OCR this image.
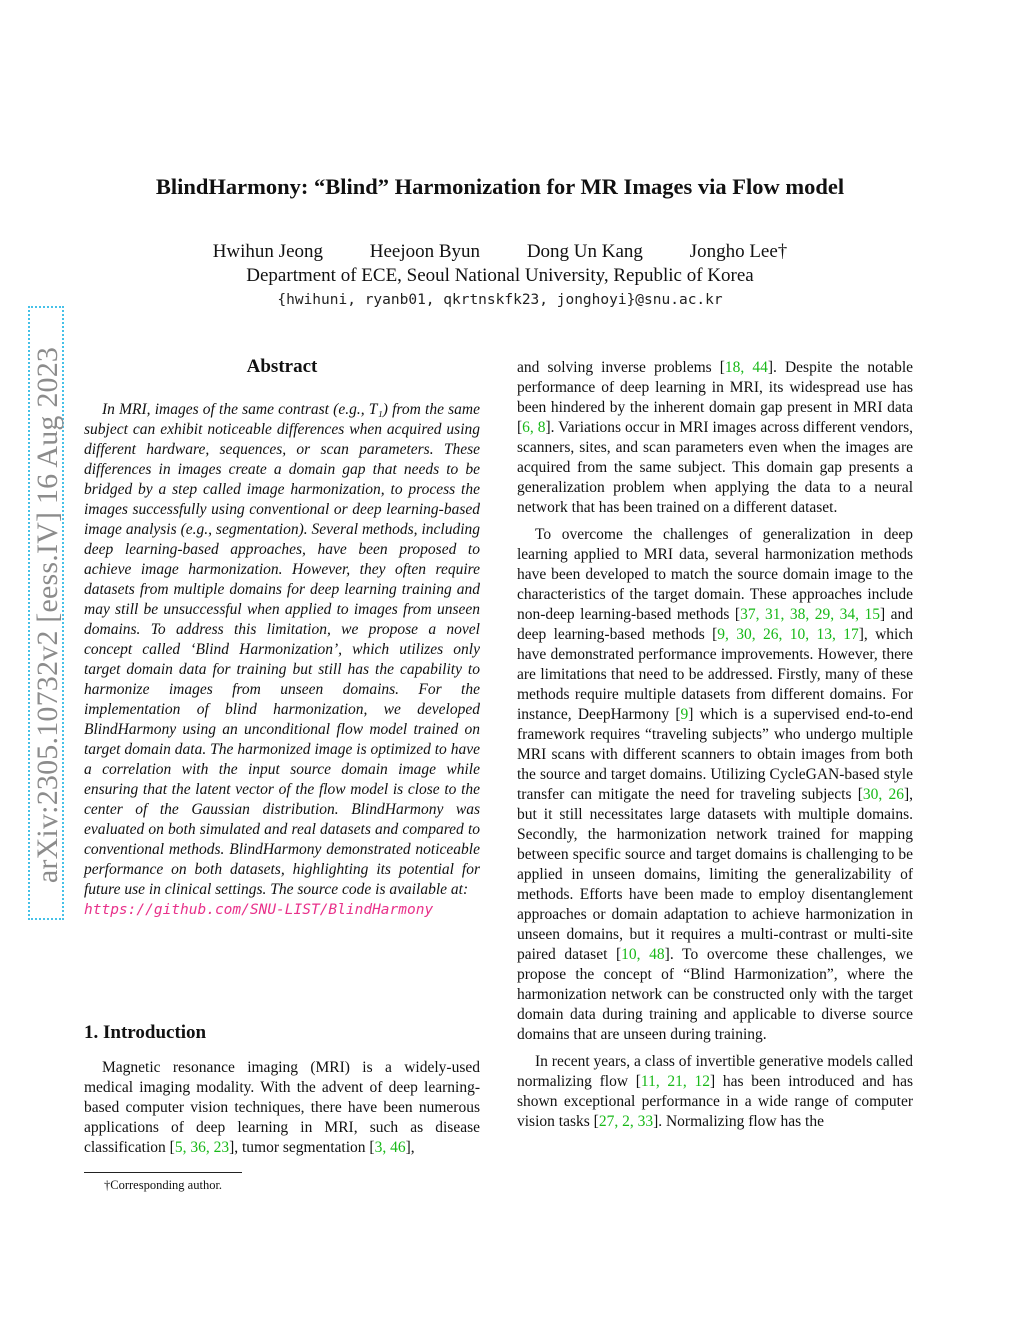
arXiv:2305.10732v2 [eess.IV] 16 Aug 2023
BlindHarmony: “Blind” Harmonization for MR Images via Flow model
Hwihun Jeong Heejoon Byun Dong Un Kang Jongho Lee†
Department of ECE, Seoul National University, Republic of Korea
{hwihuni, ryanb01, qkrtnskfk23, jonghoyi}@snu.ac.kr
Abstract
In MRI, images of the same contrast (e.g., T₁) from the same subject can exhibit noticeable differences when acquired using different hardware, sequences, or scan parameters. These differences in images create a domain gap that needs to be bridged by a step called image harmonization, to process the images successfully using conventional or deep learning-based image analysis (e.g., segmentation). Several methods, including deep learning-based approaches, have been proposed to achieve image harmonization. However, they often require datasets from multiple domains for deep learning training and may still be unsuccessful when applied to images from unseen domains. To address this limitation, we propose a novel concept called ‘Blind Harmonization’, which utilizes only target domain data for training but still has the capability to harmonize images from unseen domains. For the implementation of blind harmonization, we developed BlindHarmony using an unconditional flow model trained on target domain data. The harmonized image is optimized to have a correlation with the input source domain image while ensuring that the latent vector of the flow model is close to the center of the Gaussian distribution. BlindHarmony was evaluated on both simulated and real datasets and compared to conventional methods. BlindHarmony demonstrated noticeable performance on both datasets, highlighting its potential for future use in clinical settings. The source code is available at:
https://github.com/SNU-LIST/BlindHarmony
1. Introduction
Magnetic resonance imaging (MRI) is a widely-used medical imaging modality. With the advent of deep learning-based computer vision techniques, there have been numerous applications of deep learning in MRI, such as disease classification [5, 36, 23], tumor segmentation [3, 46],
†Corresponding author.

and solving inverse problems [18, 44]. Despite the notable performance of deep learning in MRI, its widespread use has been hindered by the inherent domain gap present in MRI data [6, 8]. Variations occur in MRI images across different vendors, scanners, sites, and scan parameters even when the images are acquired from the same subject. This domain gap presents a generalization problem when applying the data to a neural network that has been trained on a different dataset.

To overcome the challenges of generalization in deep learning applied to MRI data, several harmonization methods have been developed to match the source domain image to the characteristics of the target domain. These approaches include non-deep learning-based methods [37, 31, 38, 29, 34, 15] and deep learning-based methods [9, 30, 26, 10, 13, 17], which have demonstrated performance improvements. However, there are limitations that need to be addressed. Firstly, many of these methods require multiple datasets from different domains. For instance, DeepHarmony [9] which is a supervised end-to-end framework requires “traveling subjects” who undergo multiple MRI scans with different scanners to obtain images from both the source and target domains. Utilizing CycleGAN-based style transfer can mitigate the need for traveling subjects [30, 26], but it still necessitates large datasets with multiple domains. Secondly, the harmonization network trained for mapping between specific source and target domains is challenging to be applied in unseen domains, limiting the generalizability of methods. Efforts have been made to employ disentanglement approaches or domain adaptation to achieve harmonization in unseen domains, but it requires a multi-contrast or multi-site paired dataset [10, 48]. To overcome these challenges, we propose the concept of “Blind Harmonization”, where the harmonization network can be constructed only with the target domain data during training and applicable to diverse source domains that are unseen during training.

In recent years, a class of invertible generative models called normalizing flow [11, 21, 12] has been introduced and has shown exceptional performance in a wide range of computer vision tasks [27, 2, 33]. Normalizing flow has the
